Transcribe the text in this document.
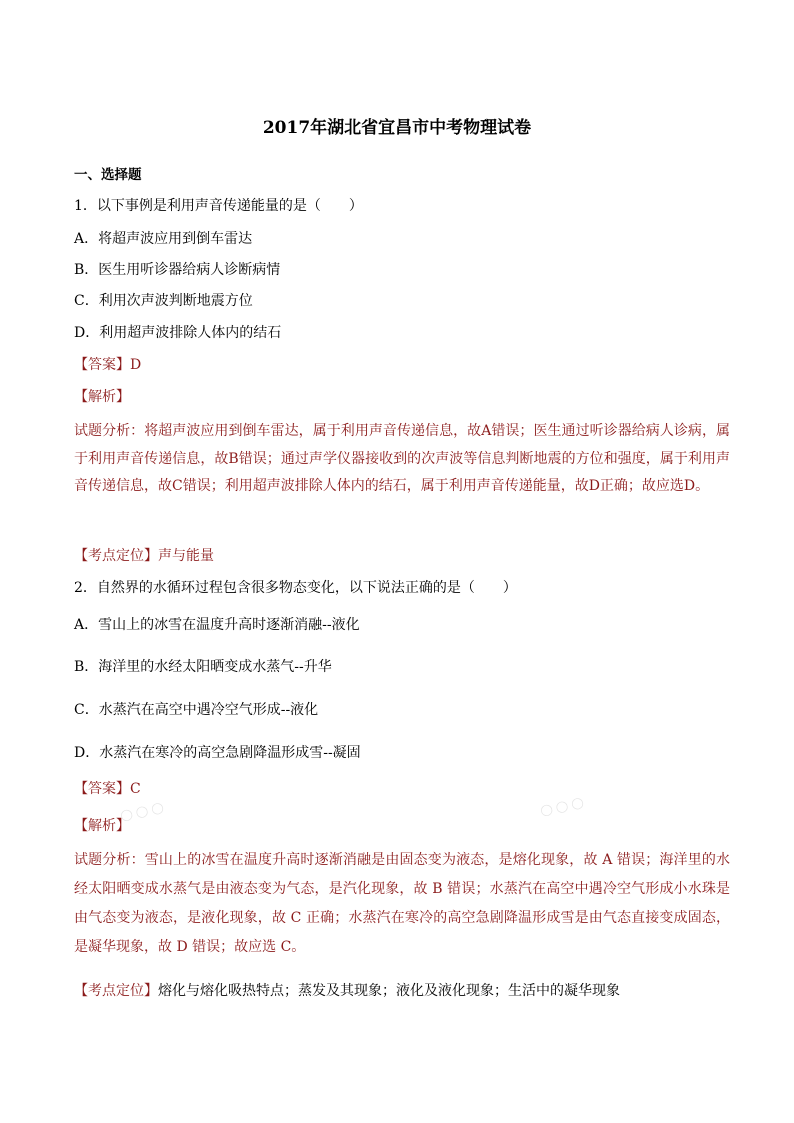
◯ ◯ ◯	◯ ◯ ◯
2017年湖北省宜昌市中考物理试卷
一、选择题
1．以下事例是利用声音传递能量的是（　　）
A．将超声波应用到倒车雷达
B．医生用听诊器给病人诊断病情
C．利用次声波判断地震方位
D．利用超声波排除人体内的结石
【答案】D
【解析】
试题分析：将超声波应用到倒车雷达，属于利用声音传递信息，故A错误；医生通过听诊器给病人诊病，属于利用声音传递信息，故B错误；通过声学仪器接收到的次声波等信息判断地震的方位和强度，属于利用声音传递信息，故C错误；利用超声波排除人体内的结石，属于利用声音传递能量，故D正确；故应选D。
【考点定位】声与能量
2．自然界的水循环过程包含很多物态变化，以下说法正确的是（　　）
A．雪山上的冰雪在温度升高时逐渐消融--液化
B．海洋里的水经太阳晒变成水蒸气--升华
C．水蒸汽在高空中遇冷空气形成--液化
D．水蒸汽在寒冷的高空急剧降温形成雪--凝固
【答案】C
【解析】
试题分析：雪山上的冰雪在温度升高时逐渐消融是由固态变为液态，是熔化现象，故 A 错误；海洋里的水经太阳晒变成水蒸气是由液态变为气态，是汽化现象，故 B 错误；水蒸汽在高空中遇冷空气形成小水珠是由气态变为液态，是液化现象，故 C 正确；水蒸汽在寒冷的高空急剧降温形成雪是由气态直接变成固态，是凝华现象，故 D 错误；故应选 C。
【考点定位】熔化与熔化吸热特点；蒸发及其现象；液化及液化现象；生活中的凝华现象
